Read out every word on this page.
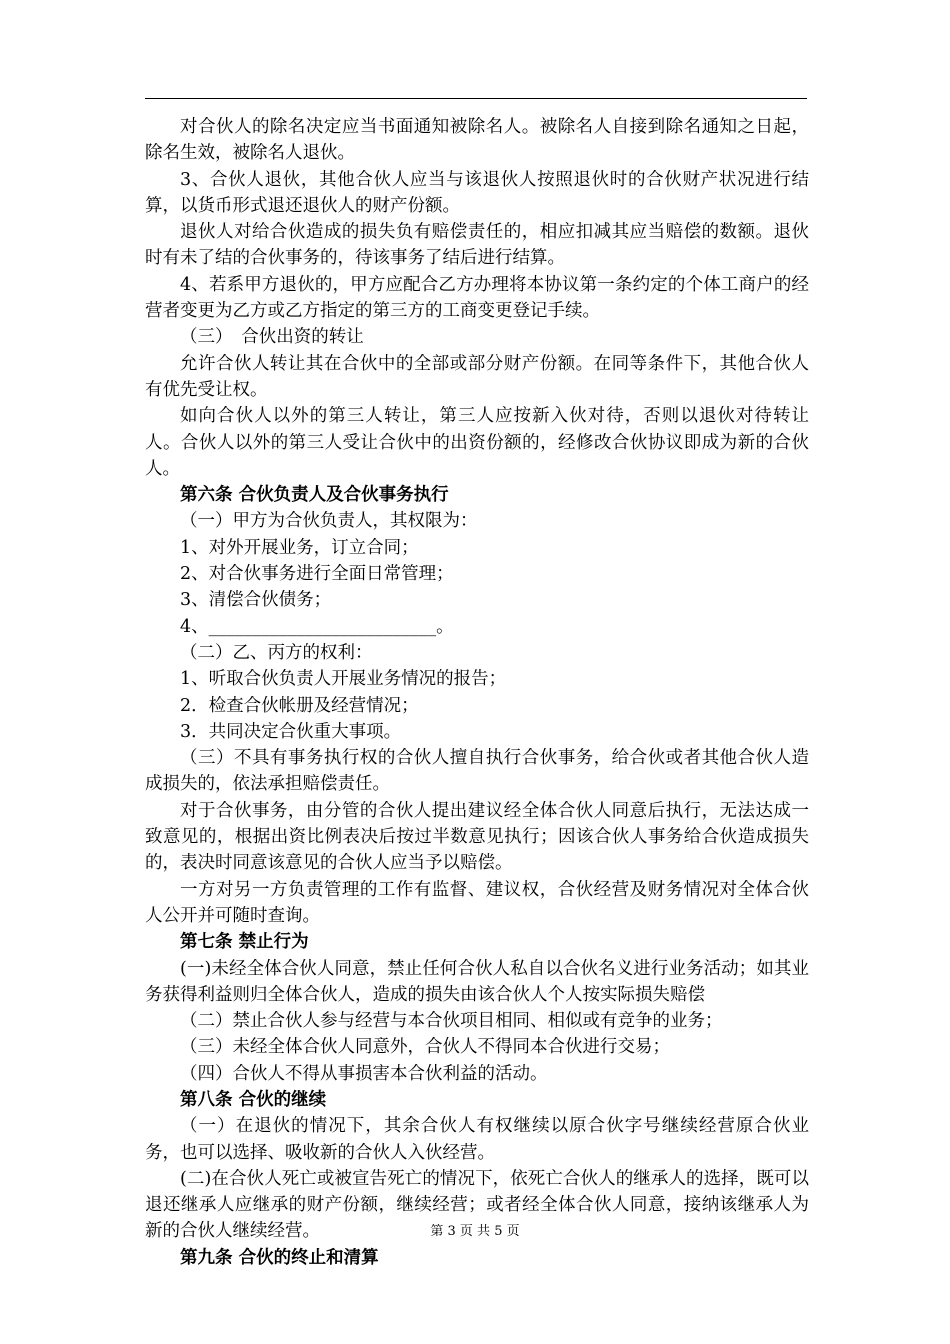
对合伙人的除名决定应当书面通知被除名人。被除名人自接到除名通知之日起，除名生效，被除名人退伙。

3、合伙人退伙，其他合伙人应当与该退伙人按照退伙时的合伙财产状况进行结算，以货币形式退还退伙人的财产份额。

退伙人对给合伙造成的损失负有赔偿责任的，相应扣减其应当赔偿的数额。退伙时有未了结的合伙事务的，待该事务了结后进行结算。

4、若系甲方退伙的，甲方应配合乙方办理将本协议第一条约定的个体工商户的经营者变更为乙方或乙方指定的第三方的工商变更登记手续。

（三）　合伙出资的转让

允许合伙人转让其在合伙中的全部或部分财产份额。在同等条件下，其他合伙人有优先受让权。

如向合伙人以外的第三人转让，第三人应按新入伙对待，否则以退伙对待转让人。合伙人以外的第三人受让合伙中的出资份额的，经修改合伙协议即成为新的合伙人。

第六条 合伙负责人及合伙事务执行

（一）甲方为合伙负责人，其权限为：

1、对外开展业务，订立合同；

2、对合伙事务进行全面日常管理；

3、清偿合伙债务；

4、__________________________。

（二）乙、丙方的权利：

1、听取合伙负责人开展业务情况的报告；

2．检查合伙帐册及经营情况；

3．共同决定合伙重大事项。

（三）不具有事务执行权的合伙人擅自执行合伙事务，给合伙或者其他合伙人造成损失的，依法承担赔偿责任。

对于合伙事务，由分管的合伙人提出建议经全体合伙人同意后执行，无法达成一致意见的，根据出资比例表决后按过半数意见执行；因该合伙人事务给合伙造成损失的，表决时同意该意见的合伙人应当予以赔偿。

一方对另一方负责管理的工作有监督、建议权，合伙经营及财务情况对全体合伙人公开并可随时查询。

第七条 禁止行为

(一)未经全体合伙人同意，禁止任何合伙人私自以合伙名义进行业务活动；如其业务获得利益则归全体合伙人，造成的损失由该合伙人个人按实际损失赔偿

（二）禁止合伙人参与经营与本合伙项目相同、相似或有竞争的业务；

（三）未经全体合伙人同意外，合伙人不得同本合伙进行交易；

（四）合伙人不得从事损害本合伙利益的活动。

第八条 合伙的继续

（一）在退伙的情况下，其余合伙人有权继续以原合伙字号继续经营原合伙业务，也可以选择、吸收新的合伙人入伙经营。

(二)在合伙人死亡或被宣告死亡的情况下，依死亡合伙人的继承人的选择，既可以退还继承人应继承的财产份额，继续经营；或者经全体合伙人同意，接纳该继承人为新的合伙人继续经营。

第九条 合伙的终止和清算

第 3 页 共 5 页
